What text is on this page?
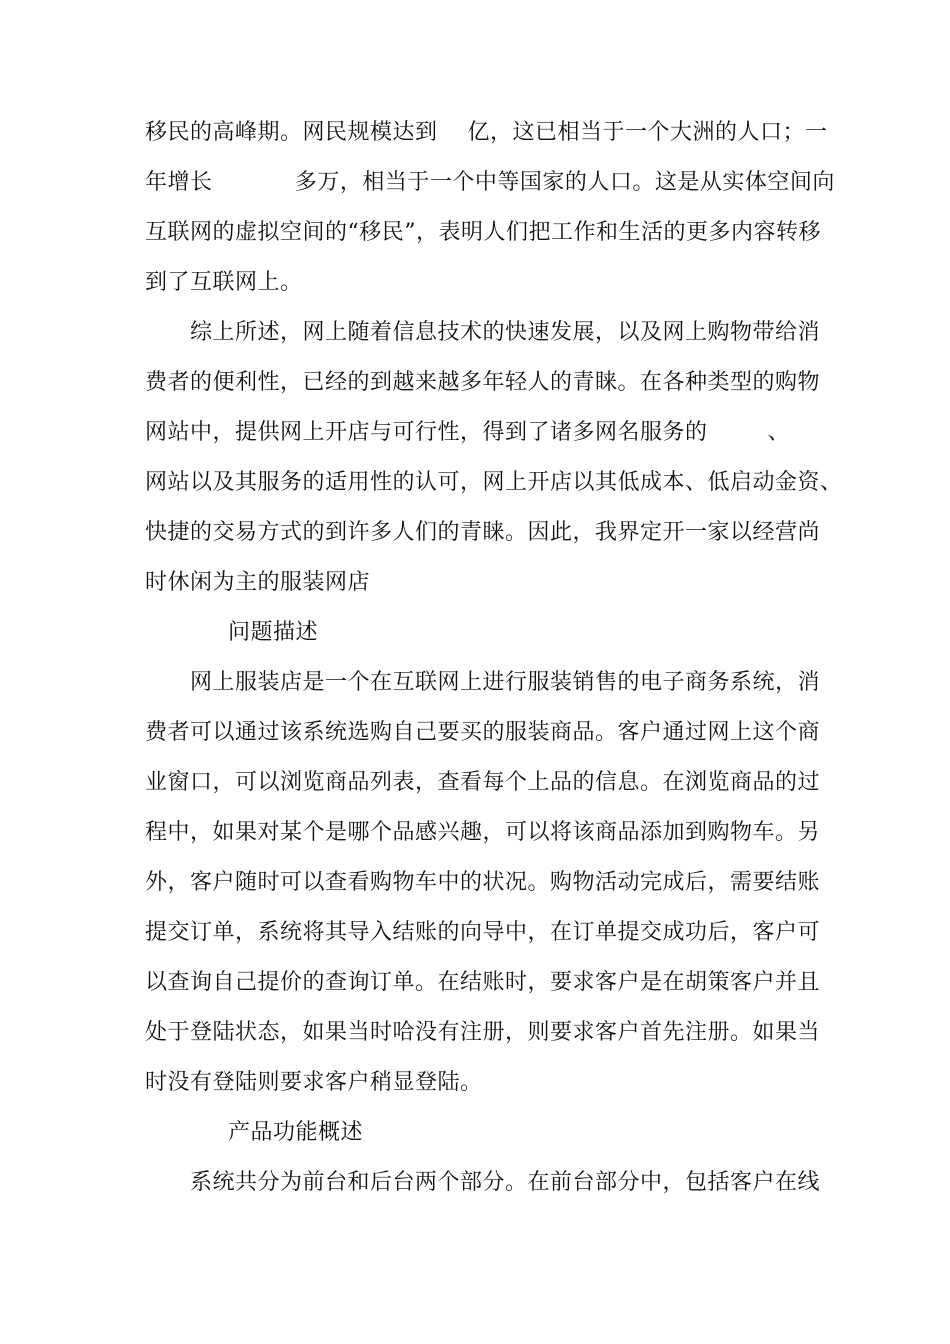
移民的高峰期。网民规模达到    亿，这已相当于一个大洲的人口；一
年增长           多万，相当于一个中等国家的人口。这是从实体空间向
互联网的虚拟空间的“移民”，表明人们把工作和生活的更多内容转移
到了互联网上。
综上所述，网上随着信息技术的快速发展，以及网上购物带给消
费者的便利性，已经的到越来越多年轻人的青睐。在各种类型的购物
网站中，提供网上开店与可行性，得到了诸多网名服务的        、
网站以及其服务的适用性的认可，网上开店以其低成本、低启动金资、
快捷的交易方式的到许多人们的青睐。因此，我界定开一家以经营尚
时休闲为主的服装网店
问题描述
网上服装店是一个在互联网上进行服装销售的电子商务系统，消
费者可以通过该系统选购自己要买的服装商品。客户通过网上这个商
业窗口，可以浏览商品列表，查看每个上品的信息。在浏览商品的过
程中，如果对某个是哪个品感兴趣，可以将该商品添加到购物车。另
外，客户随时可以查看购物车中的状况。购物活动完成后，需要结账
提交订单，系统将其导入结账的向导中，在订单提交成功后，客户可
以查询自己提价的查询订单。在结账时，要求客户是在胡策客户并且
处于登陆状态，如果当时哈没有注册，则要求客户首先注册。如果当
时没有登陆则要求客户稍显登陆。
产品功能概述
系统共分为前台和后台两个部分。在前台部分中，包括客户在线
